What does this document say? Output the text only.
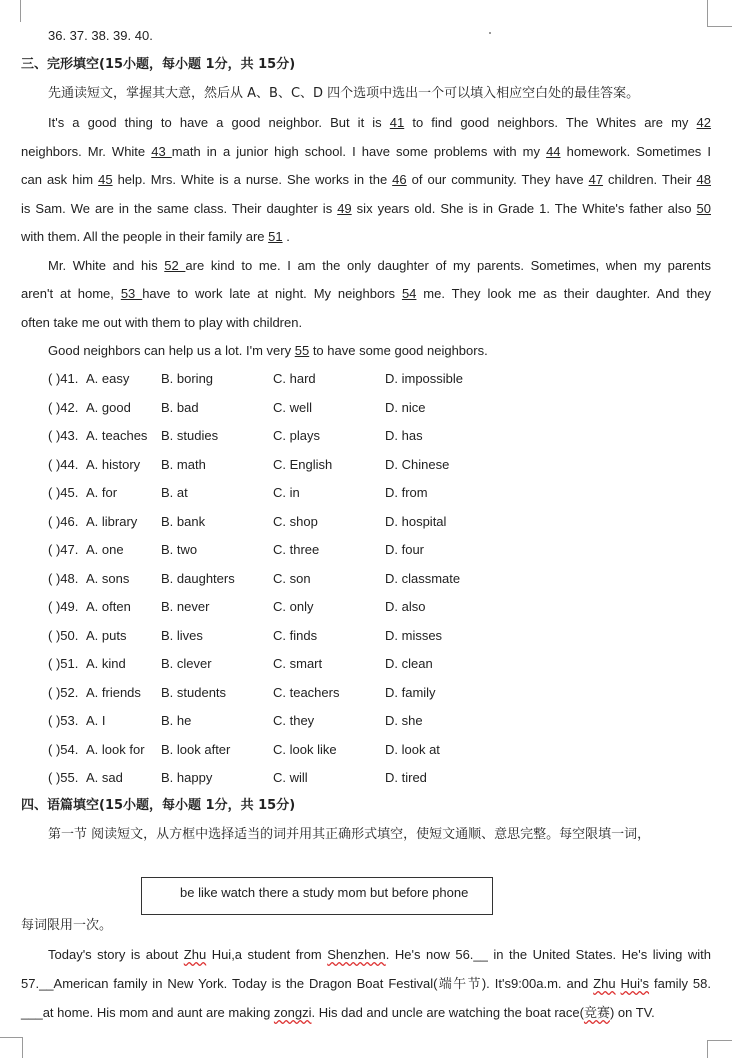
36. 37. 38. 39. 40.
三、完形填空(15小题，每小题 1分，共 15分)
先通读短文，掌握其大意，然后从 A、B、C、D 四个选项中选出一个可以填入相应空白处的最佳答案。
It's a good thing to have a good neighbor. But it is 41 to find good neighbors. The Whites are my 42
neighbors. Mr. White 43 math in a junior high school. I have some problems with my 44 homework. Sometimes I
can ask him 45 help. Mrs. White is a nurse. She works in the 46 of our community. They have 47 children. Their 48
is Sam. We are in the same class. Their daughter is 49 six years old. She is in Grade 1. The White's father also 50
with them. All the people in their family are 51 .
Mr. White and his 52 are kind to me. I am the only daughter of my parents. Sometimes, when my parents
aren't at home, 53 have to work late at night. My neighbors 54 me. They look me as their daughter. And they
often take me out with them to play with children.
Good neighbors can help us a lot. I'm very 55 to have some good neighbors.
( )41. A. easy B. boring	C. hard	D. impossible
( )42. A. good B. bad	C. well	D. nice
( )43. A. teaches B. studies	C. plays	D. has
( )44. A. history B. math	C. English	D. Chinese
( )45. A. for	B. at	C. in	D. from
( )46. A. library B. bank	C. shop	D. hospital
( )47. A. one	B. two	C. three	D. four
( )48. A. sons B. daughters	C. son	D. classmate
( )49. A. often B. never	C. only	D. also
( )50. A. puts	B. lives	C. finds	D. misses
( )51. A. kind	B. clever	C. smart	D. clean
( )52. A. friends B. students	C. teachers	D. family
( )53. A. I	B. he	C. they	D. she
( )54. A. look for B. look after	C. look like	D. look at
( )55. A. sad	B. happy	C. will	D. tired
四、语篇填空(15小题，每小题 1分，共 15分)
第一节 阅读短文，从方框中选择适当的词并用其正确形式填空，使短文通顺、意思完整。每空限填一词，
be like watch there a study mom but before phone
每词限用一次。
Today's story is about Zhu Hui,a student from Shenzhen. He's now 56.__ in the United States. He's living with
57.__American family in New York. Today is the Dragon Boat Festival(端午节). It's9:00a.m. and Zhu Hui's family 58.
___at home. His mom and aunt are making zongzi. His dad and uncle are watching the boat race(竞赛) on TV.
